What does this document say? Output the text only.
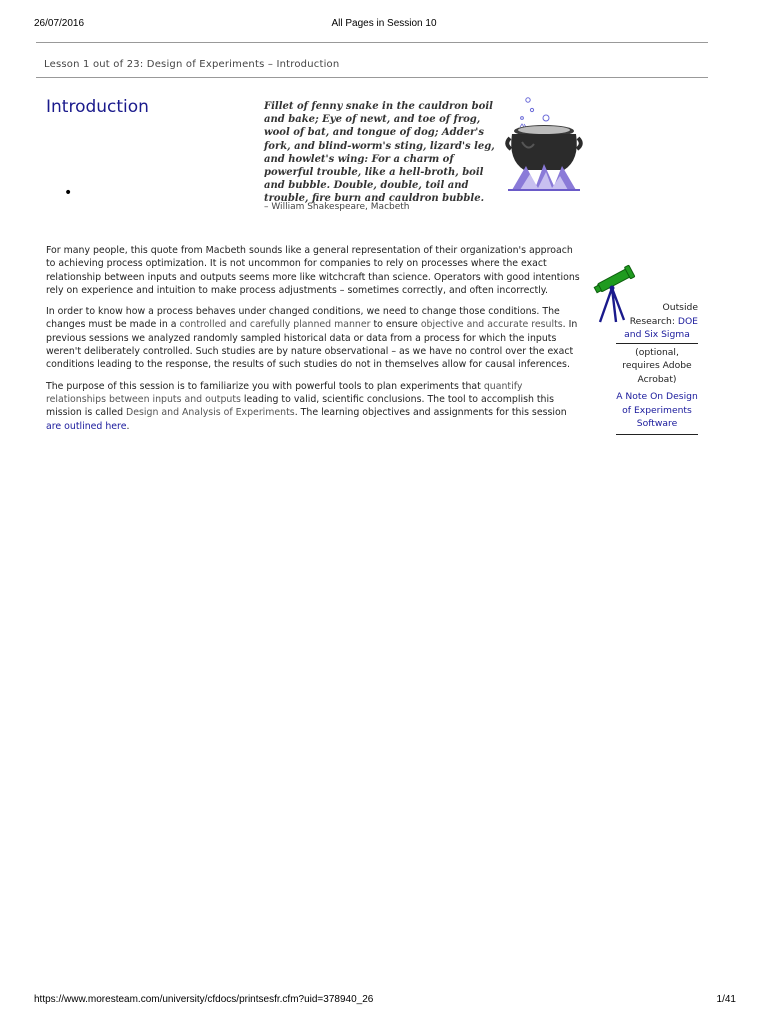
26/07/2016	All Pages in Session 10
Lesson 1 out of 23: Design of Experiments – Introduction
Introduction
•
Fillet of fenny snake in the cauldron boil and bake; Eye of newt, and toe of frog, wool of bat, and tongue of dog; Adder's fork, and blind-worm's sting, lizard's leg, and howlet's wing: For a charm of powerful trouble, like a hell-broth, boil and bubble. Double, double, toil and trouble, fire burn and cauldron bubble.
– William Shakespeare, Macbeth

For many people, this quote from Macbeth sounds like a general representation of their organization's approach to achieving process optimization. It is not uncommon for companies to rely on processes where the exact relationship between inputs and outputs seems more like witchcraft than science. Operators with good intentions rely on experience and intuition to make process adjustments – sometimes correctly, and often incorrectly.

In order to know how a process behaves under changed conditions, we need to change those conditions. The changes must be made in a controlled and carefully planned manner to ensure objective and accurate results. In previous sessions we analyzed randomly sampled historical data or data from a process for which the inputs weren't deliberately controlled. Such studies are by nature observational – as we have no control over the exact conditions leading to the response, the results of such studies do not in themselves allow for causal inferences.

The purpose of this session is to familiarize you with powerful tools to plan experiments that quantify relationships between inputs and outputs leading to valid, scientific conclusions. The tool to accomplish this mission is called Design and Analysis of Experiments. The learning objectives and assignments for this session are outlined here.

Outside
Research: DOE
and Six Sigma
(optional, requires Adobe Acrobat)
A Note On Design of Experiments Software
https://www.moresteam.com/university/cfdocs/printsesfr.cfm?uid=378940_26	1/41
